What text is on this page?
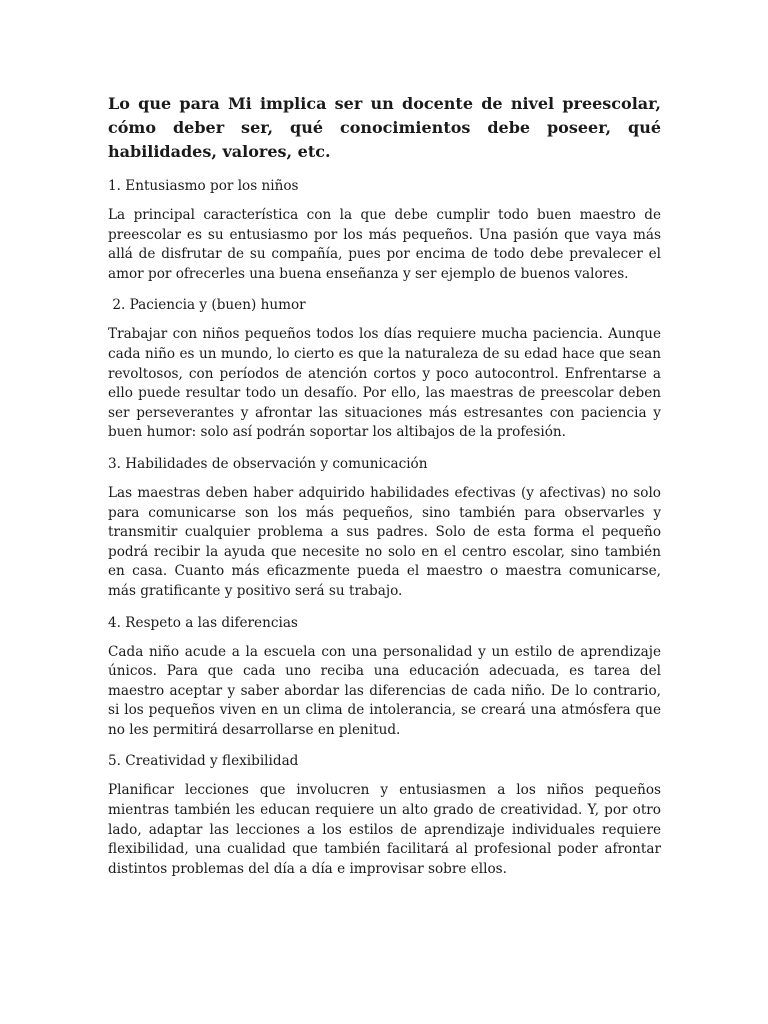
Lo que para Mi implica ser un docente de nivel preescolar, cómo deber ser, qué conocimientos debe poseer, qué habilidades, valores, etc.

1. Entusiasmo por los niños

La principal característica con la que debe cumplir todo buen maestro de preescolar es su entusiasmo por los más pequeños. Una pasión que vaya más allá de disfrutar de su compañía, pues por encima de todo debe prevalecer el amor por ofrecerles una buena enseñanza y ser ejemplo de buenos valores.

2. Paciencia y (buen) humor

Trabajar con niños pequeños todos los días requiere mucha paciencia. Aunque cada niño es un mundo, lo cierto es que la naturaleza de su edad hace que sean revoltosos, con períodos de atención cortos y poco autocontrol. Enfrentarse a ello puede resultar todo un desafío. Por ello, las maestras de preescolar deben ser perseverantes y afrontar las situaciones más estresantes con paciencia y buen humor: solo así podrán soportar los altibajos de la profesión.

3. Habilidades de observación y comunicación

Las maestras deben haber adquirido habilidades efectivas (y afectivas) no solo para comunicarse son los más pequeños, sino también para observarles y transmitir cualquier problema a sus padres. Solo de esta forma el pequeño podrá recibir la ayuda que necesite no solo en el centro escolar, sino también en casa. Cuanto más eficazmente pueda el maestro o maestra comunicarse, más gratificante y positivo será su trabajo.

4. Respeto a las diferencias

Cada niño acude a la escuela con una personalidad y un estilo de aprendizaje únicos. Para que cada uno reciba una educación adecuada, es tarea del maestro aceptar y saber abordar las diferencias de cada niño. De lo contrario, si los pequeños viven en un clima de intolerancia, se creará una atmósfera que no les permitirá desarrollarse en plenitud.

5. Creatividad y flexibilidad

Planificar lecciones que involucren y entusiasmen a los niños pequeños mientras también les educan requiere un alto grado de creatividad. Y, por otro lado, adaptar las lecciones a los estilos de aprendizaje individuales requiere flexibilidad, una cualidad que también facilitará al profesional poder afrontar distintos problemas del día a día e improvisar sobre ellos.
